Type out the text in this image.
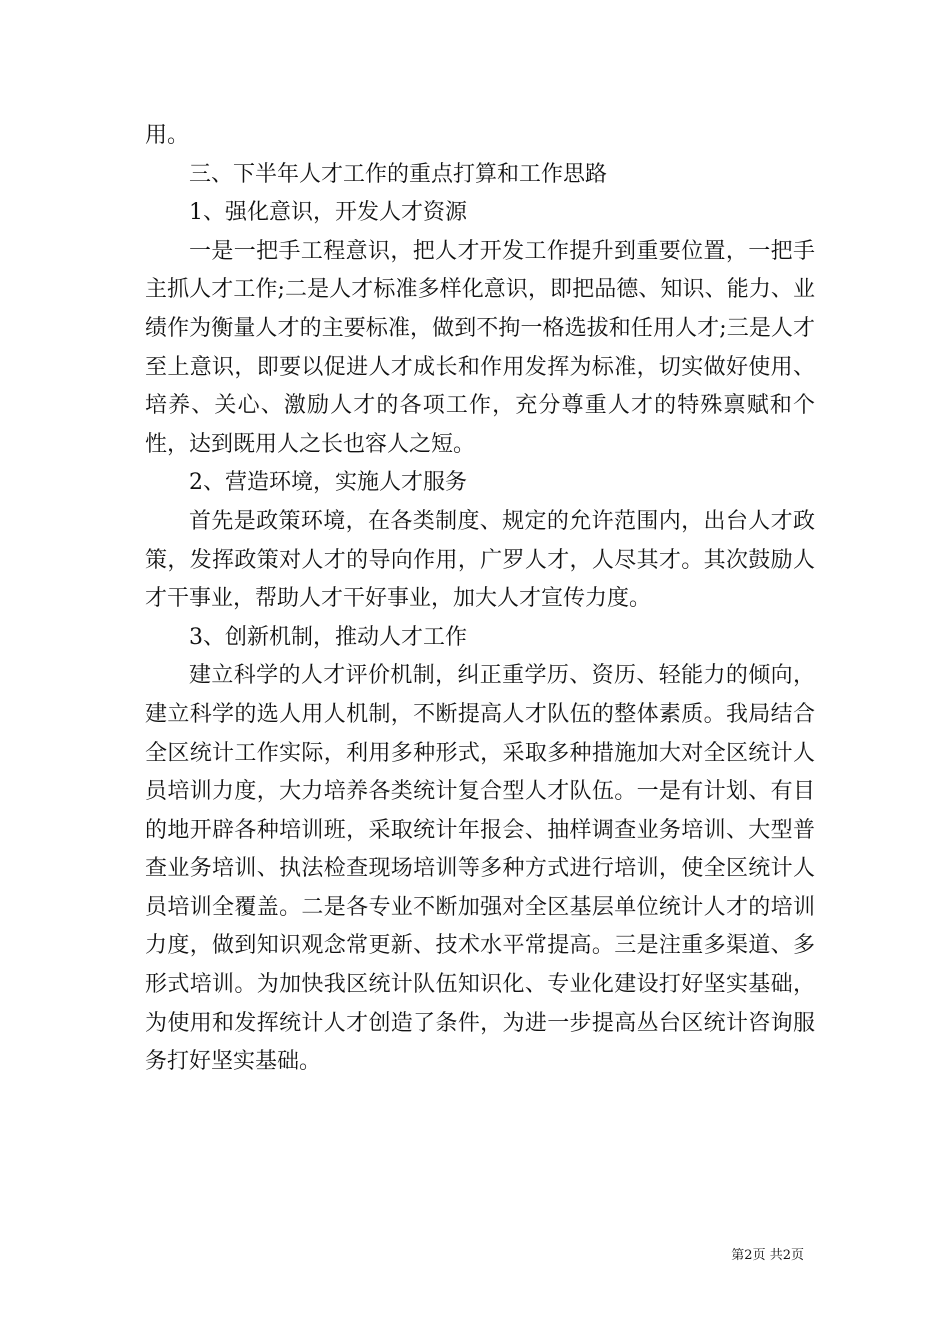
用。

三、下半年人才工作的重点打算和工作思路

1、强化意识，开发人才资源

一是一把手工程意识，把人才开发工作提升到重要位置，一把手主抓人才工作;二是人才标准多样化意识，即把品德、知识、能力、业绩作为衡量人才的主要标准，做到不拘一格选拔和任用人才;三是人才至上意识，即要以促进人才成长和作用发挥为标准，切实做好使用、培养、关心、激励人才的各项工作，充分尊重人才的特殊禀赋和个性，达到既用人之长也容人之短。

2、营造环境，实施人才服务

首先是政策环境，在各类制度、规定的允许范围内，出台人才政策，发挥政策对人才的导向作用，广罗人才，人尽其才。其次鼓励人才干事业，帮助人才干好事业，加大人才宣传力度。

3、创新机制，推动人才工作

建立科学的人才评价机制，纠正重学历、资历、轻能力的倾向，建立科学的选人用人机制，不断提高人才队伍的整体素质。我局结合全区统计工作实际，利用多种形式，采取多种措施加大对全区统计人员培训力度，大力培养各类统计复合型人才队伍。一是有计划、有目的地开辟各种培训班，采取统计年报会、抽样调查业务培训、大型普查业务培训、执法检查现场培训等多种方式进行培训，使全区统计人员培训全覆盖。二是各专业不断加强对全区基层单位统计人才的培训力度，做到知识观念常更新、技术水平常提高。三是注重多渠道、多形式培训。为加快我区统计队伍知识化、专业化建设打好坚实基础，为使用和发挥统计人才创造了条件，为进一步提高丛台区统计咨询服务打好坚实基础。

第2页 共2页
